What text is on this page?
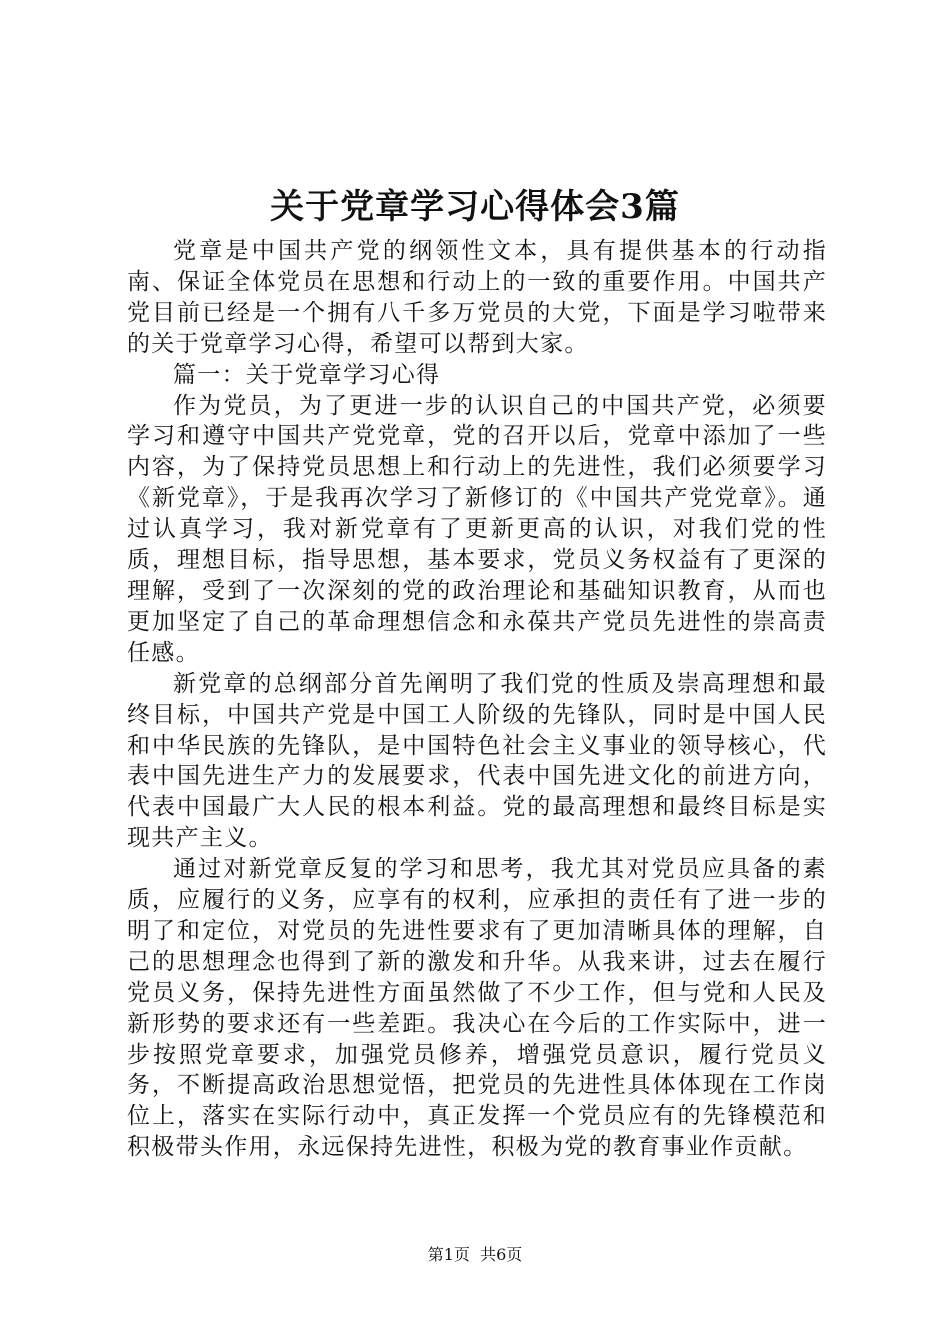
关于党章学习心得体会3篇

党章是中国共产党的纲领性文本，具有提供基本的行动指南、保证全体党员在思想和行动上的一致的重要作用。中国共产党目前已经是一个拥有八千多万党员的大党，下面是学习啦带来的关于党章学习心得，希望可以帮到大家。

篇一：关于党章学习心得

作为党员，为了更进一步的认识自己的中国共产党，必须要学习和遵守中国共产党党章，党的召开以后，党章中添加了一些内容，为了保持党员思想上和行动上的先进性，我们必须要学习《新党章》，于是我再次学习了新修订的《中国共产党党章》。通过认真学习，我对新党章有了更新更高的认识，对我们党的性质，理想目标，指导思想，基本要求，党员义务权益有了更深的理解，受到了一次深刻的党的政治理论和基础知识教育，从而也更加坚定了自己的革命理想信念和永葆共产党员先进性的崇高责任感。

新党章的总纲部分首先阐明了我们党的性质及崇高理想和最终目标，中国共产党是中国工人阶级的先锋队，同时是中国人民和中华民族的先锋队，是中国特色社会主义事业的领导核心，代表中国先进生产力的发展要求，代表中国先进文化的前进方向，代表中国最广大人民的根本利益。党的最高理想和最终目标是实现共产主义。

通过对新党章反复的学习和思考，我尤其对党员应具备的素质，应履行的义务，应享有的权利，应承担的责任有了进一步的明了和定位，对党员的先进性要求有了更加清晰具体的理解，自己的思想理念也得到了新的激发和升华。从我来讲，过去在履行党员义务，保持先进性方面虽然做了不少工作，但与党和人民及新形势的要求还有一些差距。我决心在今后的工作实际中，进一步按照党章要求，加强党员修养，增强党员意识，履行党员义务，不断提高政治思想觉悟，把党员的先进性具体体现在工作岗位上，落实在实际行动中，真正发挥一个党员应有的先锋模范和积极带头作用，永远保持先进性，积极为党的教育事业作贡献。

第1页  共6页
